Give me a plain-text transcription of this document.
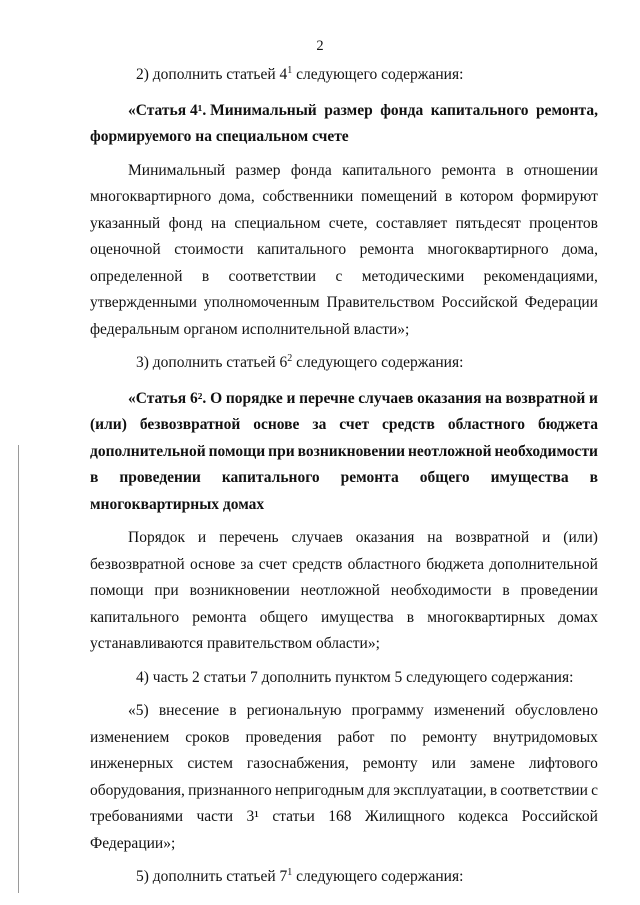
2
2) дополнить статьей $4^1$ следующего содержания:
«Статья 4¹. Минимальный размер фонда капитального ремонта,
формируемого на специальном счете
Минимальный размер фонда капитального ремонта в отношении
многоквартирного дома, собственники помещений в котором формируют
указанный фонд на специальном счете, составляет пятьдесят процентов
оценочной стоимости капитального ремонта многоквартирного дома,
определенной в соответствии с методическими рекомендациями,
утвержденными уполномоченным Правительством Российской Федерации
федеральным органом исполнительной власти»;
3) дополнить статьей $6^2$ следующего содержания:
«Статья 6². О порядке и перечне случаев оказания на возвратной и
(или) безвозвратной основе за счет средств областного бюджета
дополнительной помощи при возникновении неотложной необходимости
в проведении капитального ремонта общего имущества в
многоквартирных домах
Порядок и перечень случаев оказания на возвратной и (или)
безвозвратной основе за счет средств областного бюджета дополнительной
помощи при возникновении неотложной необходимости в проведении
капитального ремонта общего имущества в многоквартирных домах
устанавливаются правительством области»;
4) часть 2 статьи 7 дополнить пунктом 5 следующего содержания:
«5) внесение в региональную программу изменений обусловлено
изменением сроков проведения работ по ремонту внутридомовых
инженерных систем газоснабжения, ремонту или замене лифтового
оборудования, признанного непригодным для эксплуатации, в соответствии с
требованиями части 3¹ статьи 168 Жилищного кодекса Российской
Федерации»;
5) дополнить статьей $7^1$ следующего содержания:
